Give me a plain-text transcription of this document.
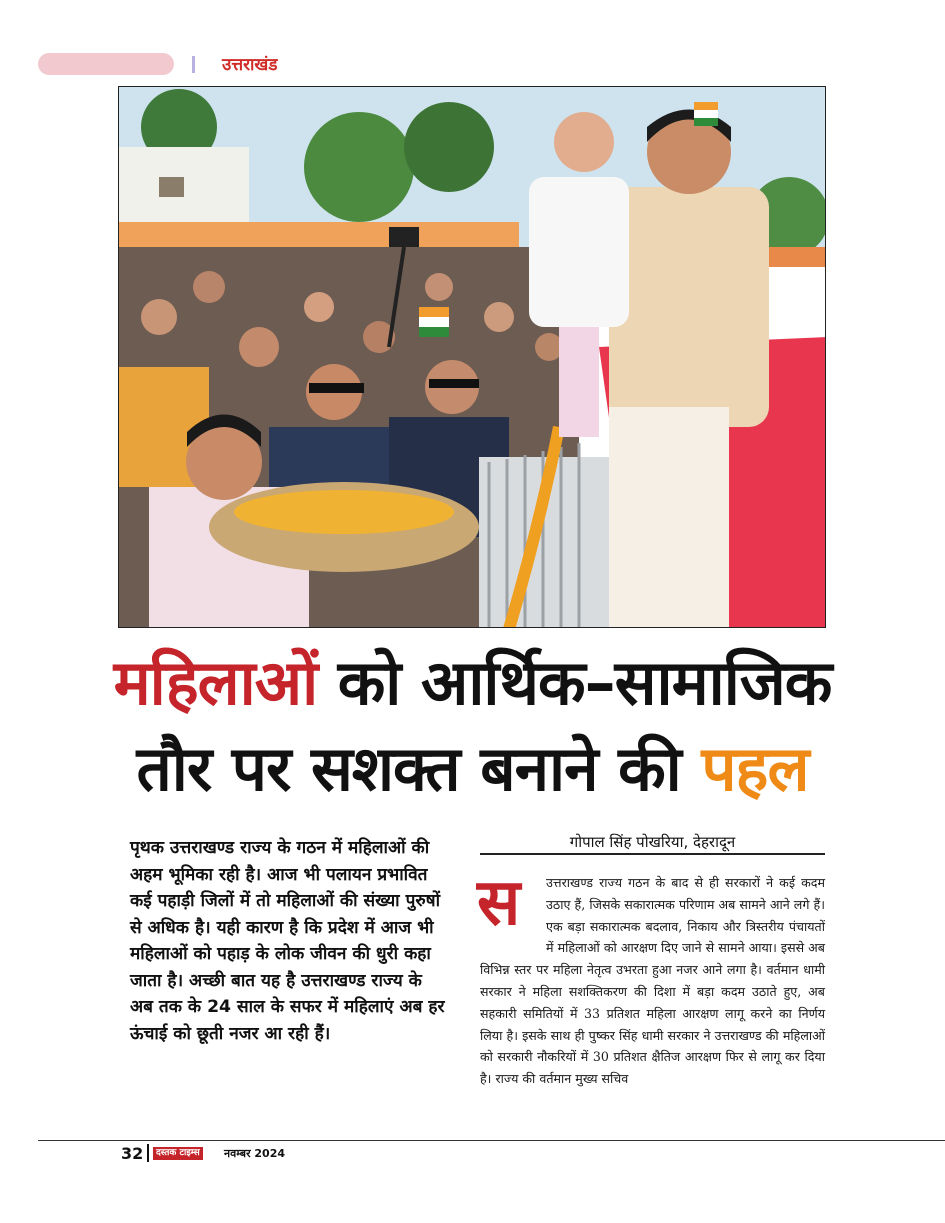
उत्तराखंड
महिलाओं को आर्थिक–सामाजिक
तौर पर सशक्त बनाने की पहल
पृथक उत्तराखण्ड राज्य के गठन में महिलाओं की अहम भूमिका रही है। आज भी पलायन प्रभावित कई पहाड़ी जिलों में तो महिलाओं की संख्या पुरुषों से अधिक है। यही कारण है कि प्रदेश में आज भी महिलाओं को पहाड़ के लोक जीवन की धुरी कहा जाता है। अच्छी बात यह है उत्तराखण्ड राज्य के अब तक के 24 साल के सफर में महिलाएं अब हर ऊंचाई को छूती नजर आ रही हैं।
गोपाल सिंह पोखरिया, देहरादून
स	उत्तराखण्ड राज्य गठन के बाद से ही सरकारों ने कई कदम उठाए हैं, जिसके सकारात्मक परिणाम अब सामने आने लगे हैं। एक बड़ा सकारात्मक बदलाव, निकाय और त्रिस्तरीय पंचायतों में महिलाओं को आरक्षण दिए जाने से सामने आया। इससे अब विभिन्न स्तर पर महिला नेतृत्व उभरता हुआ नजर आने लगा है। वर्तमान धामी सरकार ने महिला सशक्तिकरण की दिशा में बड़ा कदम उठाते हुए, अब सहकारी समितियों में 33 प्रतिशत महिला आरक्षण लागू करने का निर्णय लिया है। इसके साथ ही पुष्कर सिंह धामी सरकार ने उत्तराखण्ड की महिलाओं को सरकारी नौकरियों में 30 प्रतिशत क्षैतिज आरक्षण फिर से लागू कर दिया है। राज्य की वर्तमान मुख्य सचिव
32	दस्तक टाइम्स नवम्बर 2024
